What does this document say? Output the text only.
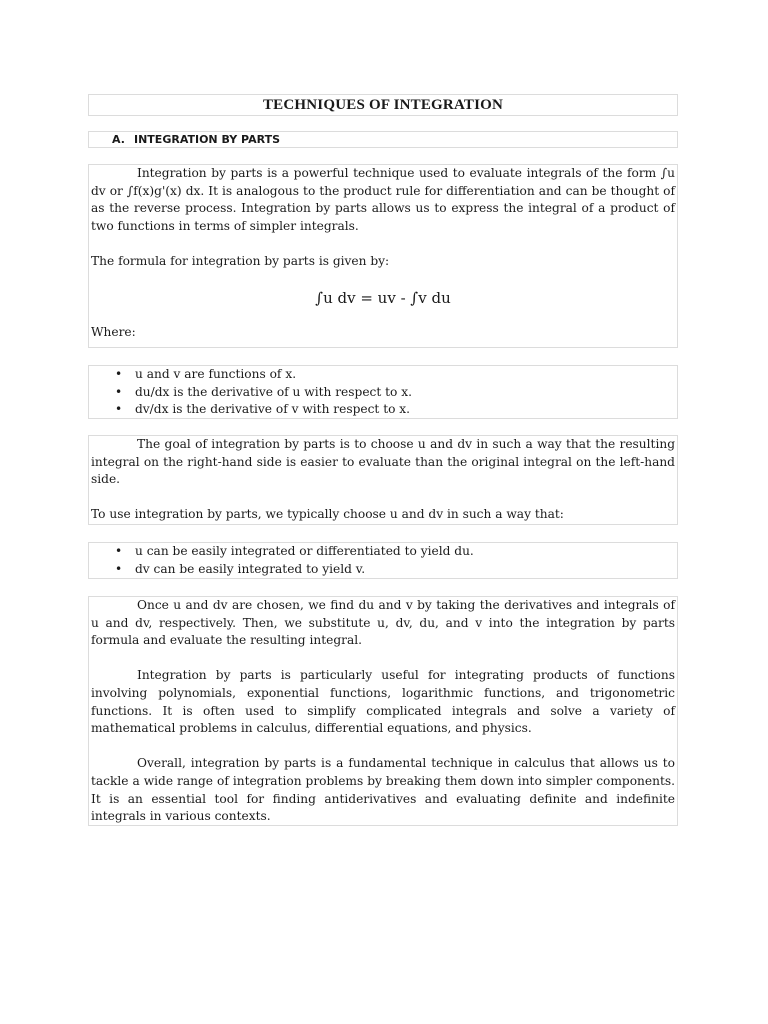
TECHNIQUES OF INTEGRATION
A. INTEGRATION BY PARTS

Integration by parts is a powerful technique used to evaluate integrals of the form ∫u dv or ∫f(x)g'(x) dx. It is analogous to the product rule for differentiation and can be thought of as the reverse process. Integration by parts allows us to express the integral of a product of two functions in terms of simpler integrals.

The formula for integration by parts is given by:

∫u dv = uv - ∫v du

Where:

• u and v are functions of x.
• du/dx is the derivative of u with respect to x.
• dv/dx is the derivative of v with respect to x.

The goal of integration by parts is to choose u and dv in such a way that the resulting integral on the right-hand side is easier to evaluate than the original integral on the left-hand side.

To use integration by parts, we typically choose u and dv in such a way that:

• u can be easily integrated or differentiated to yield du.
• dv can be easily integrated to yield v.

Once u and dv are chosen, we find du and v by taking the derivatives and integrals of u and dv, respectively. Then, we substitute u, dv, du, and v into the integration by parts formula and evaluate the resulting integral.

Integration by parts is particularly useful for integrating products of functions involving polynomials, exponential functions, logarithmic functions, and trigonometric functions. It is often used to simplify complicated integrals and solve a variety of mathematical problems in calculus, differential equations, and physics.

Overall, integration by parts is a fundamental technique in calculus that allows us to tackle a wide range of integration problems by breaking them down into simpler components. It is an essential tool for finding antiderivatives and evaluating definite and indefinite integrals in various contexts.
